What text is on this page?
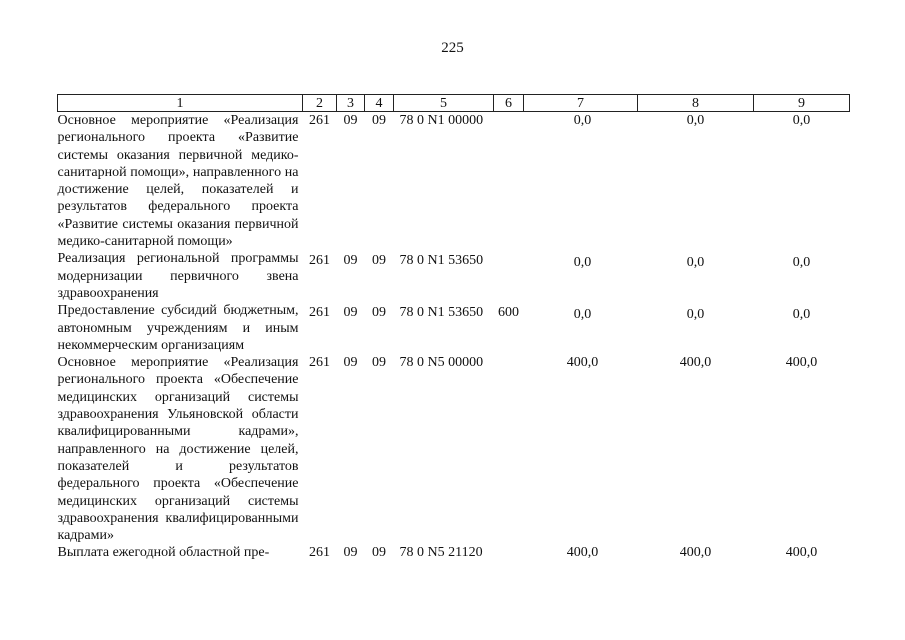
225
1	2	3	4	5	6	7	8	9
Основное мероприятие «Реализация регионального проекта «Развитие системы оказания первичной медико-санитарной помощи», направленного на достижение целей, показателей и результатов федерального проекта «Развитие системы оказания первичной медико-санитарной помощи»	261	09	09	78 0 N1 00000		0,0	0,0	0,0
Реализация региональной программы модернизации первичного звена здравоохранения	261	09	09	78 0 N1 53650		0,0	0,0	0,0
Предоставление субсидий бюджетным, автономным учреждениям и иным некоммерческим организациям	261	09	09	78 0 N1 53650	600	0,0	0,0	0,0
Основное мероприятие «Реализация регионального проекта «Обеспечение медицинских организаций системы здравоохранения Ульяновской области квалифицированными кадрами», направленного на достижение целей, показателей и результатов федерального проекта «Обеспечение медицинских организаций системы здравоохранения квалифицированными кадрами»	261	09	09	78 0 N5 00000		400,0	400,0	400,0
Выплата ежегодной областной пре-	261	09	09	78 0 N5 21120		400,0	400,0	400,0
